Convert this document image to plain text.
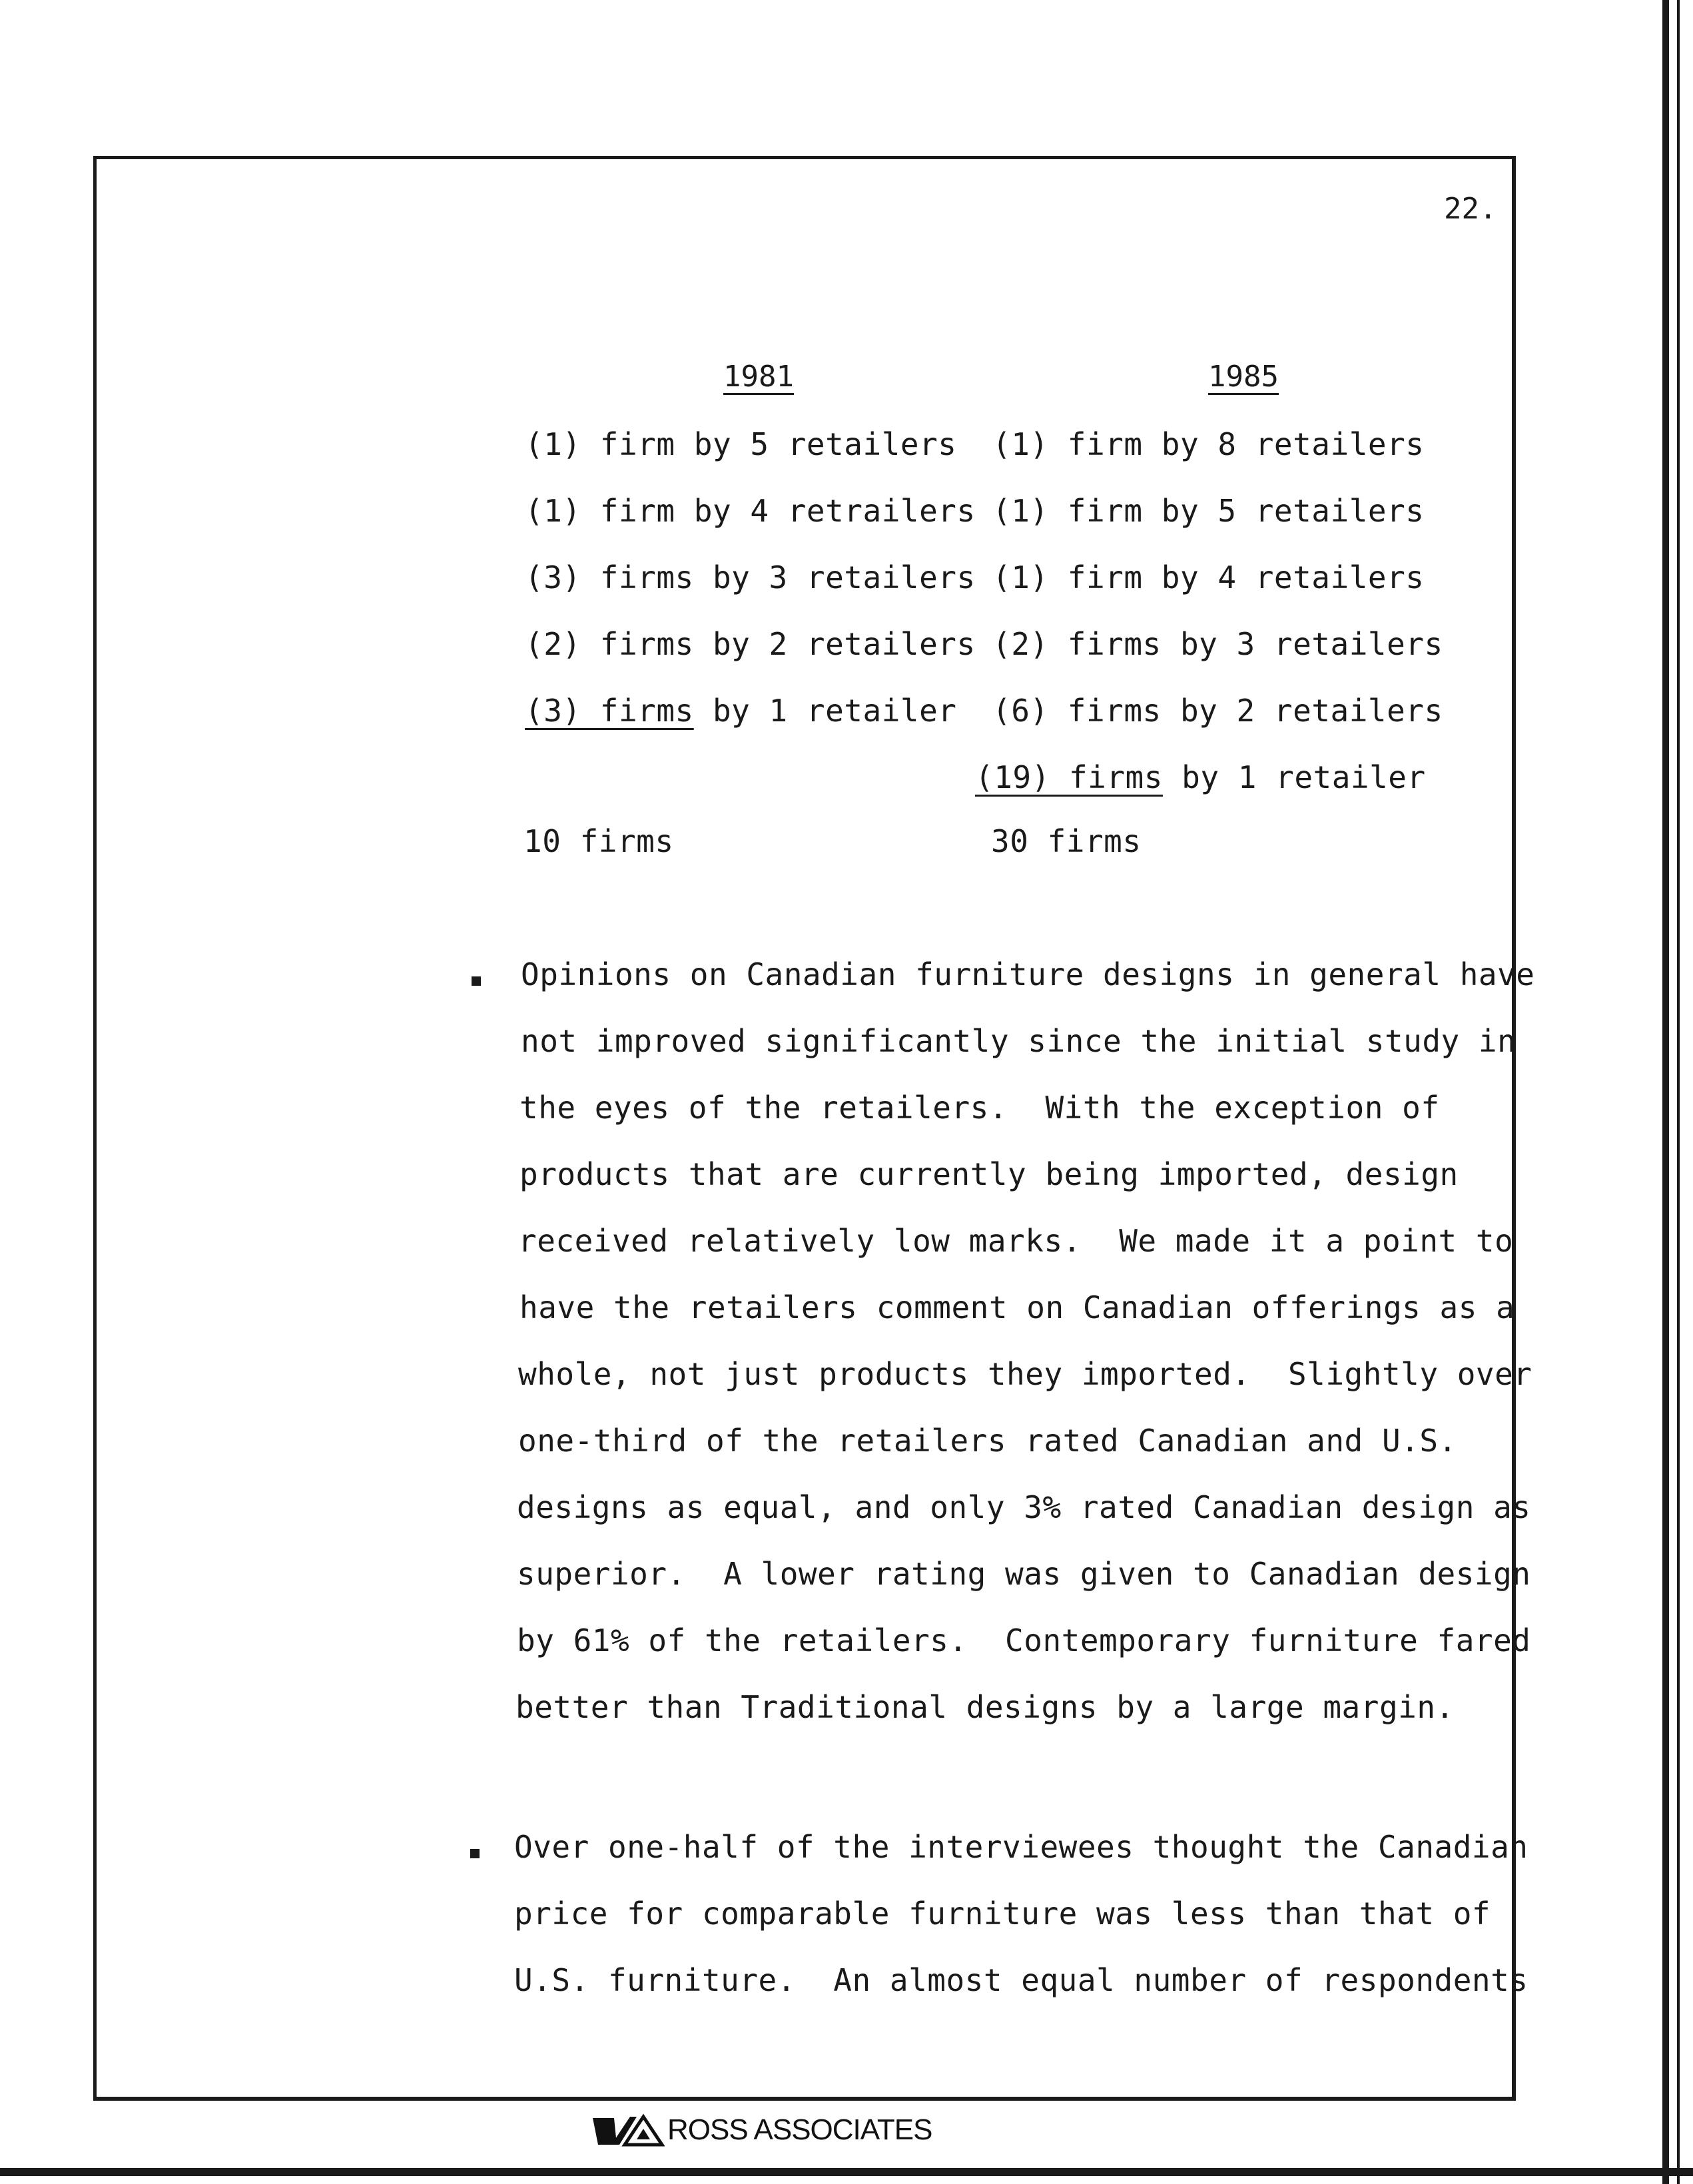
22.
1981
(1) firm by 5 retailers
(1) firm by 4 retrailers
(3) firms by 3 retailers
(2) firms by 2 retailers
(3) firms by 1 retailer
10 firms
1985
(1) firm by 8 retailers
(1) firm by 5 retailers
(1) firm by 4 retailers
(2) firms by 3 retailers
(6) firms by 2 retailers
(19) firms by 1 retailer
30 firms
Opinions on Canadian furniture designs in general have
not improved significantly since the initial study in
the eyes of the retailers.  With the exception of
products that are currently being imported, design
received relatively low marks.  We made it a point to
have the retailers comment on Canadian offerings as a
whole, not just products they imported.  Slightly over
one-third of the retailers rated Canadian and U.S.
designs as equal, and only 3% rated Canadian design as
superior.  A lower rating was given to Canadian design
by 61% of the retailers.  Contemporary furniture fared
better than Traditional designs by a large margin.
Over one-half of the interviewees thought the Canadian
price for comparable furniture was less than that of
U.S. furniture.  An almost equal number of respondents
ROSS ASSOCIATES
